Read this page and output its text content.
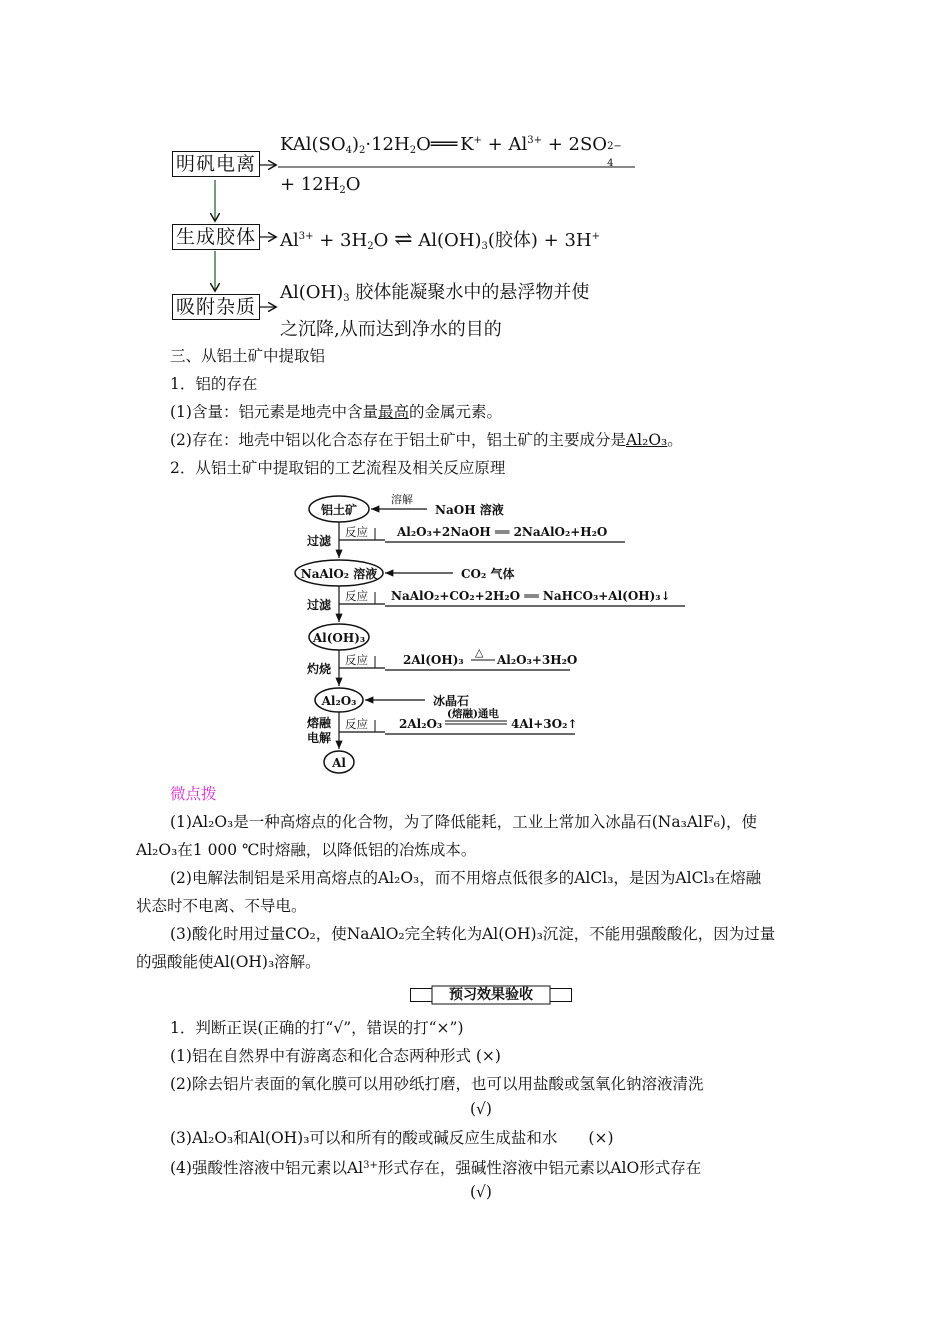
明矾电离
生成胶体
吸附杂质
$KAl(SO_4)_2\cdot 12H_2O═══$ $K^+ + Al^{3+} + 2SO$ 2−
4
+ $12H_2O$
$Al^{3+} + 3H_2O$ ⇌ $Al(OH)_3$(胶体) + 3H+
$Al(OH)_3$ 胶体能凝聚水中的悬浮物并使
之沉降,从而达到净水的目的
三、从铝土矿中提取铝
1．铝的存在
(1)含量：铝元素是地壳中含量最高的金属元素。
(2)存在：地壳中铝以化合态存在于铝土矿中，铝土矿的主要成分是Al₂O₃。
2．从铝土矿中提取铝的工艺流程及相关反应原理
铝土矿
NaAlO₂ 溶液
Al(OH)₃
Al₂O₃
Al
溶解
NaOH 溶液
CO₂ 气体
冰晶石
过滤
过滤
灼烧
熔融
电解
反应
反应
反应
反应
Al₂O₃+2NaOH ══ 2NaAlO₂+H₂O
NaAlO₂+CO₂+2H₂O ══ NaHCO₃+Al(OH)₃↓
2Al(OH)₃
△
Al₂O₃+3H₂O
2Al₂O₃
(熔融)通电
4Al+3O₂↑
微点拨
(1)Al₂O₃是一种高熔点的化合物，为了降低能耗，工业上常加入冰晶石(Na₃AlF₆)，使
Al₂O₃在1 000 ℃时熔融，以降低铝的冶炼成本。
(2)电解法制铝是采用高熔点的Al₂O₃，而不用熔点低很多的AlCl₃，是因为AlCl₃在熔融
状态时不电离、不导电。
(3)酸化时用过量CO₂，使NaAlO₂完全转化为Al(OH)₃沉淀，不能用强酸酸化，因为过量
的强酸能使Al(OH)₃溶解。
预习效果验收
1．判断正误(正确的打“√”，错误的打“×”)
(1)铝在自然界中有游离态和化合态两种形式 (×)
(2)除去铝片表面的氧化膜可以用砂纸打磨，也可以用盐酸或氢氧化钠溶液清洗
(√)
(3)Al₂O₃和Al(OH)₃可以和所有的酸或碱反应生成盐和水　　(×)
(4)强酸性溶液中铝元素以$Al^{3+}$形式存在，强碱性溶液中铝元素以AlO形式存在
(√)
